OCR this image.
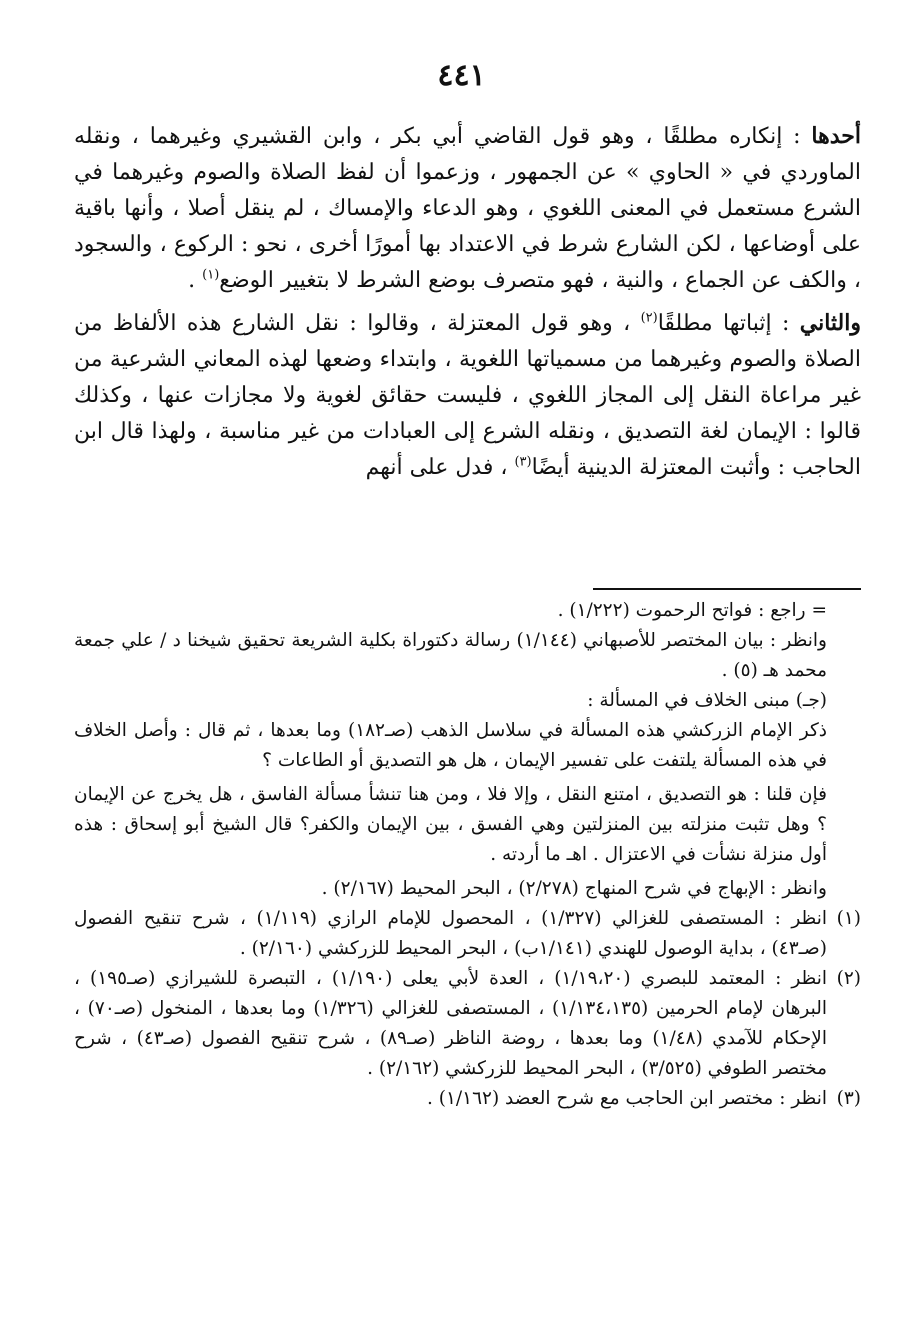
٤٤١

أحدها : إنكاره مطلقًا ، وهو قول القاضي أبي بكر ، وابن القشيري وغيرهما ، ونقله الماوردي في « الحاوي » عن الجمهور ، وزعموا أن لفظ الصلاة والصوم وغيرهما في الشرع مستعمل في المعنى اللغوي ، وهو الدعاء والإمساك ، لم ينقل أصلا ، وأنها باقية على أوضاعها ، لكن الشارع شرط في الاعتداد بها أمورًا أخرى ، نحو : الركوع ، والسجود ، والكف عن الجماع ، والنية ، فهو متصرف بوضع الشرط لا بتغيير الوضع$^{(١)}$ .

والثاني : إثباتها مطلقًا$^{(٢)}$ ، وهو قول المعتزلة ، وقالوا : نقل الشارع هذه الألفاظ من الصلاة والصوم وغيرهما من مسمياتها اللغوية ، وابتداء وضعها لهذه المعاني الشرعية من غير مراعاة النقل إلى المجاز اللغوي ، فليست حقائق لغوية ولا مجازات عنها ، وكذلك قالوا : الإيمان لغة التصديق ، ونقله الشرع إلى العبادات من غير مناسبة ، ولهذا قال ابن الحاجب : وأثبت المعتزلة الدينية أيضًا$^{(٣)}$ ، فدل على أنهم

= راجع : فواتح الرحموت (١/٢٢٢) .

وانظر : بيان المختصر للأصبهاني (١/١٤٤) رسالة دكتوراة بكلية الشريعة تحقيق شيخنا د / علي جمعة محمد هـ (٥) .

(جـ) مبنى الخلاف في المسألة :

ذكر الإمام الزركشي هذه المسألة في سلاسل الذهب (صـ١٨٢) وما بعدها ، ثم قال : وأصل الخلاف في هذه المسألة يلتفت على تفسير الإيمان ، هل هو التصديق أو الطاعات ؟

فإن قلنا : هو التصديق ، امتنع النقل ، وإلا فلا ، ومن هنا تنشأ مسألة الفاسق ، هل يخرج عن الإيمان ؟ وهل تثبت منزلته بين المنزلتين وهي الفسق ، بين الإيمان والكفر؟ قال الشيخ أبو إسحاق : هذه أول منزلة نشأت في الاعتزال . اهـ ما أردته .

وانظر : الإبهاج في شرح المنهاج (٢/٢٧٨) ، البحر المحيط (٢/١٦٧) .

(١)انظر : المستصفى للغزالي (١/٣٢٧) ، المحصول للإمام الرازي (١/١١٩) ، شرح تنقيح الفصول (صـ٤٣) ، بداية الوصول للهندي (١/١٤١ب) ، البحر المحيط للزركشي (٢/١٦٠) .

(٢)انظر : المعتمد للبصري (١/١٩،٢٠) ، العدة لأبي يعلى (١/١٩٠) ، التبصرة للشيرازي (صـ١٩٥) ، البرهان لإمام الحرمين (١/١٣٤،١٣٥) ، المستصفى للغزالي (١/٣٢٦) وما بعدها ، المنخول (صـ٧٠) ، الإحكام للآمدي (١/٤٨) وما بعدها ، روضة الناظر (صـ٨٩) ، شرح تنقيح الفصول (صـ٤٣) ، شرح مختصر الطوفي (٣/٥٢٥) ، البحر المحيط للزركشي (٢/١٦٢) .

(٣)انظر : مختصر ابن الحاجب مع شرح العضد (١/١٦٢) .
